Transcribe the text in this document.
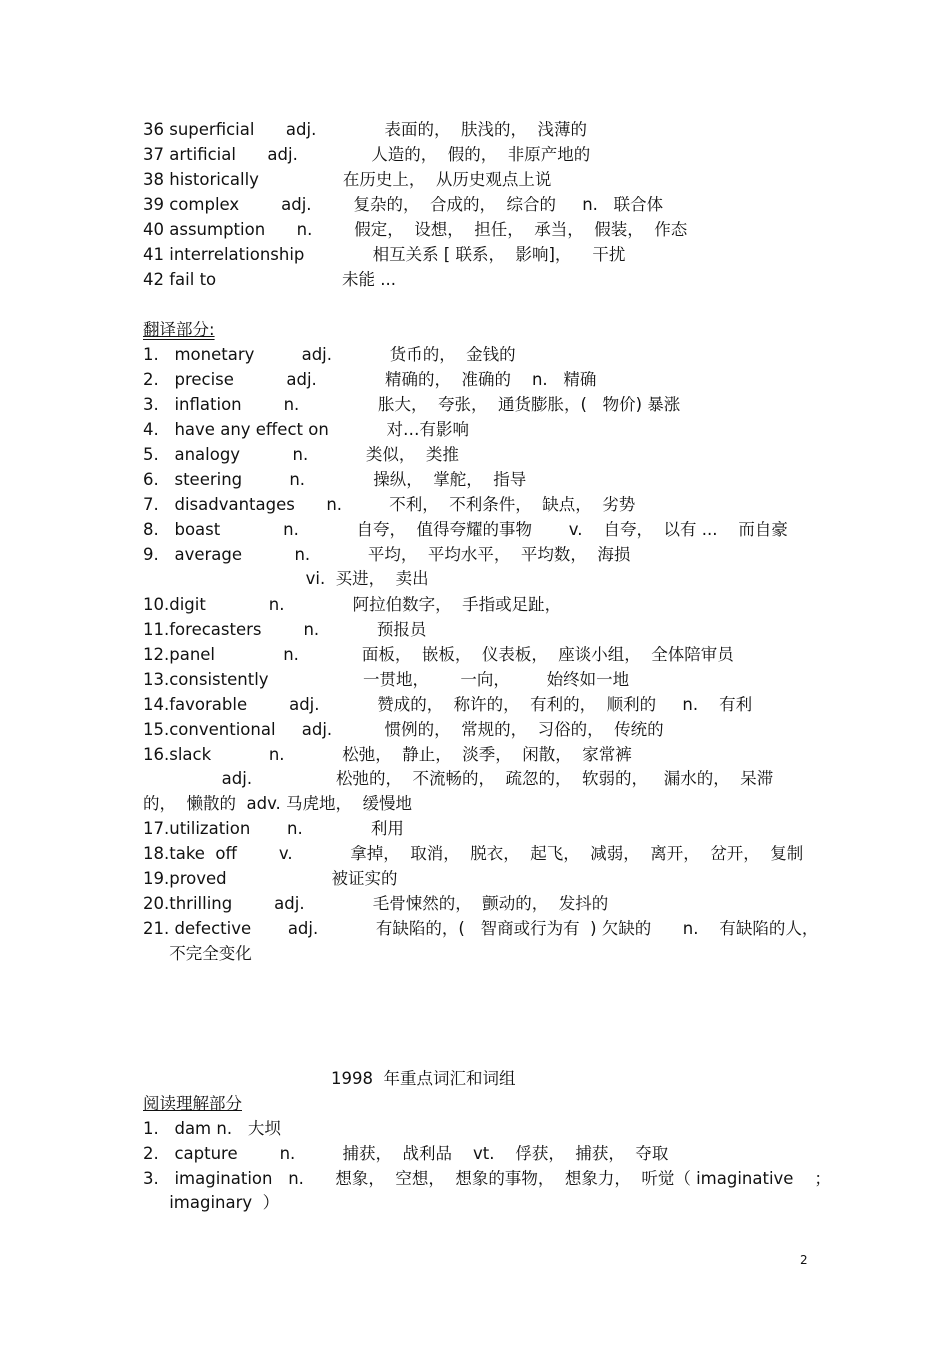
36 superficial      adj.             表面的，  肤浅的，  浅薄的
37 artificial      adj.              人造的，  假的，  非原产地的
38 historically                在历史上，  从历史观点上说
39 complex        adj.        复杂的，  合成的，  综合的     n.   联合体
40 assumption      n.        假定，  设想，  担任，  承当，  假装，  作态
41 interrelationship             相互关系 [ 联系，  影响]，    干扰
42 fail to                        未能 ...
翻译部分:
1.   monetary         adj.           货币的，  金钱的
2.   precise          adj.             精确的，  准确的    n.   精确
3.   inflation        n.               胀大，  夸张，  通货膨胀，(   物价) 暴涨
4.   have any effect on           对…有影响
5.   analogy          n.           类似，  类推
6.   steering         n.             操纵，  掌舵，  指导
7.   disadvantages      n.         不利，  不利条件，  缺点，  劣势
8.   boast            n.           自夸，  值得夸耀的事物       v.    自夸，  以有 ...    而自豪
9.   average          n.           平均，  平均水平，  平均数，  海损
vi.  买进，  卖出
10.digit            n.             阿拉伯数字，  手指或足趾，
11.forecasters        n.           预报员
12.panel             n.            面板，  嵌板，  仪表板，  座谈小组，  全体陪审员
13.consistently                  一贯地，      一向，       始终如一地
14.favorable        adj.           赞成的，  称许的，  有利的，  顺利的     n.    有利
15.conventional     adj.          惯例的，  常规的，  习俗的，  传统的
16.slack           n.           松弛，  静止，  淡季，  闲散，  家常裤
adj.                松弛的，  不流畅的，  疏忽的，  软弱的，   漏水的，  呆滞
的，  懒散的  adv. 马虎地，  缓慢地
17.utilization       n.             利用
18.take  off        v.           拿掉，  取消，  脱衣，  起飞，  减弱，  离开，  岔开，  复制
19.proved                    被证实的
20.thrilling        adj.             毛骨悚然的，  颤动的，  发抖的
21. defective       adj.           有缺陷的，(   智商或行为有  ) 欠缺的      n.    有缺陷的人，
不完全变化
1998  年重点词汇和词组
阅读理解部分
1.   dam n.   大坝
2.   capture        n.         捕获，  战利品    vt.    俘获，  捕获，  夺取
3.   imagination   n.      想象，  空想，  想象的事物，  想象力，  听觉（ imaginative    ；
imaginary  ）
2
